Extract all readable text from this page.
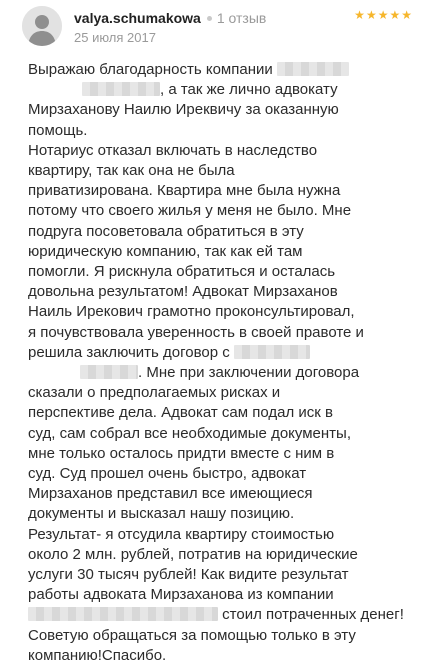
valya.schumakowa 1 отзыв
25 июля 2017
★★★★★

Выражаю благодарность компании
, а так же лично адвокату
Мирзаханову Наилю Иреквичу за оказанную
помощь.
Нотариус отказал включать в наследство
квартиру, так как она не была
приватизирована. Квартира мне была нужна
потому что своего жилья у меня не было. Мне
подруга посоветовала обратиться в эту
юридическую компанию, так как ей там
помогли. Я рискнула обратиться и осталась
довольна результатом! Адвокат Мирзаханов
Наиль Ирекович грамотно проконсультировал,
я почувствовала уверенность в своей правоте и
решила заключить договор с
. Мне при заключении договора
сказали о предполагаемых рисках и
перспективе дела. Адвокат сам подал иск в
суд, сам собрал все необходимые документы,
мне только осталось придти вместе с ним в
суд. Суд прошел очень быстро, адвокат
Мирзаханов представил все имеющиеся
документы и высказал нашу позицию.
Результат- я отсудила квартиру стоимостью
около 2 млн. рублей, потратив на юридические
услуги 30 тысяч рублей! Как видите результат
работы адвоката Мирзаханова из компании
стоил потраченных денег!
Советую обращаться за помощью только в эту
компанию!Спасибо.
